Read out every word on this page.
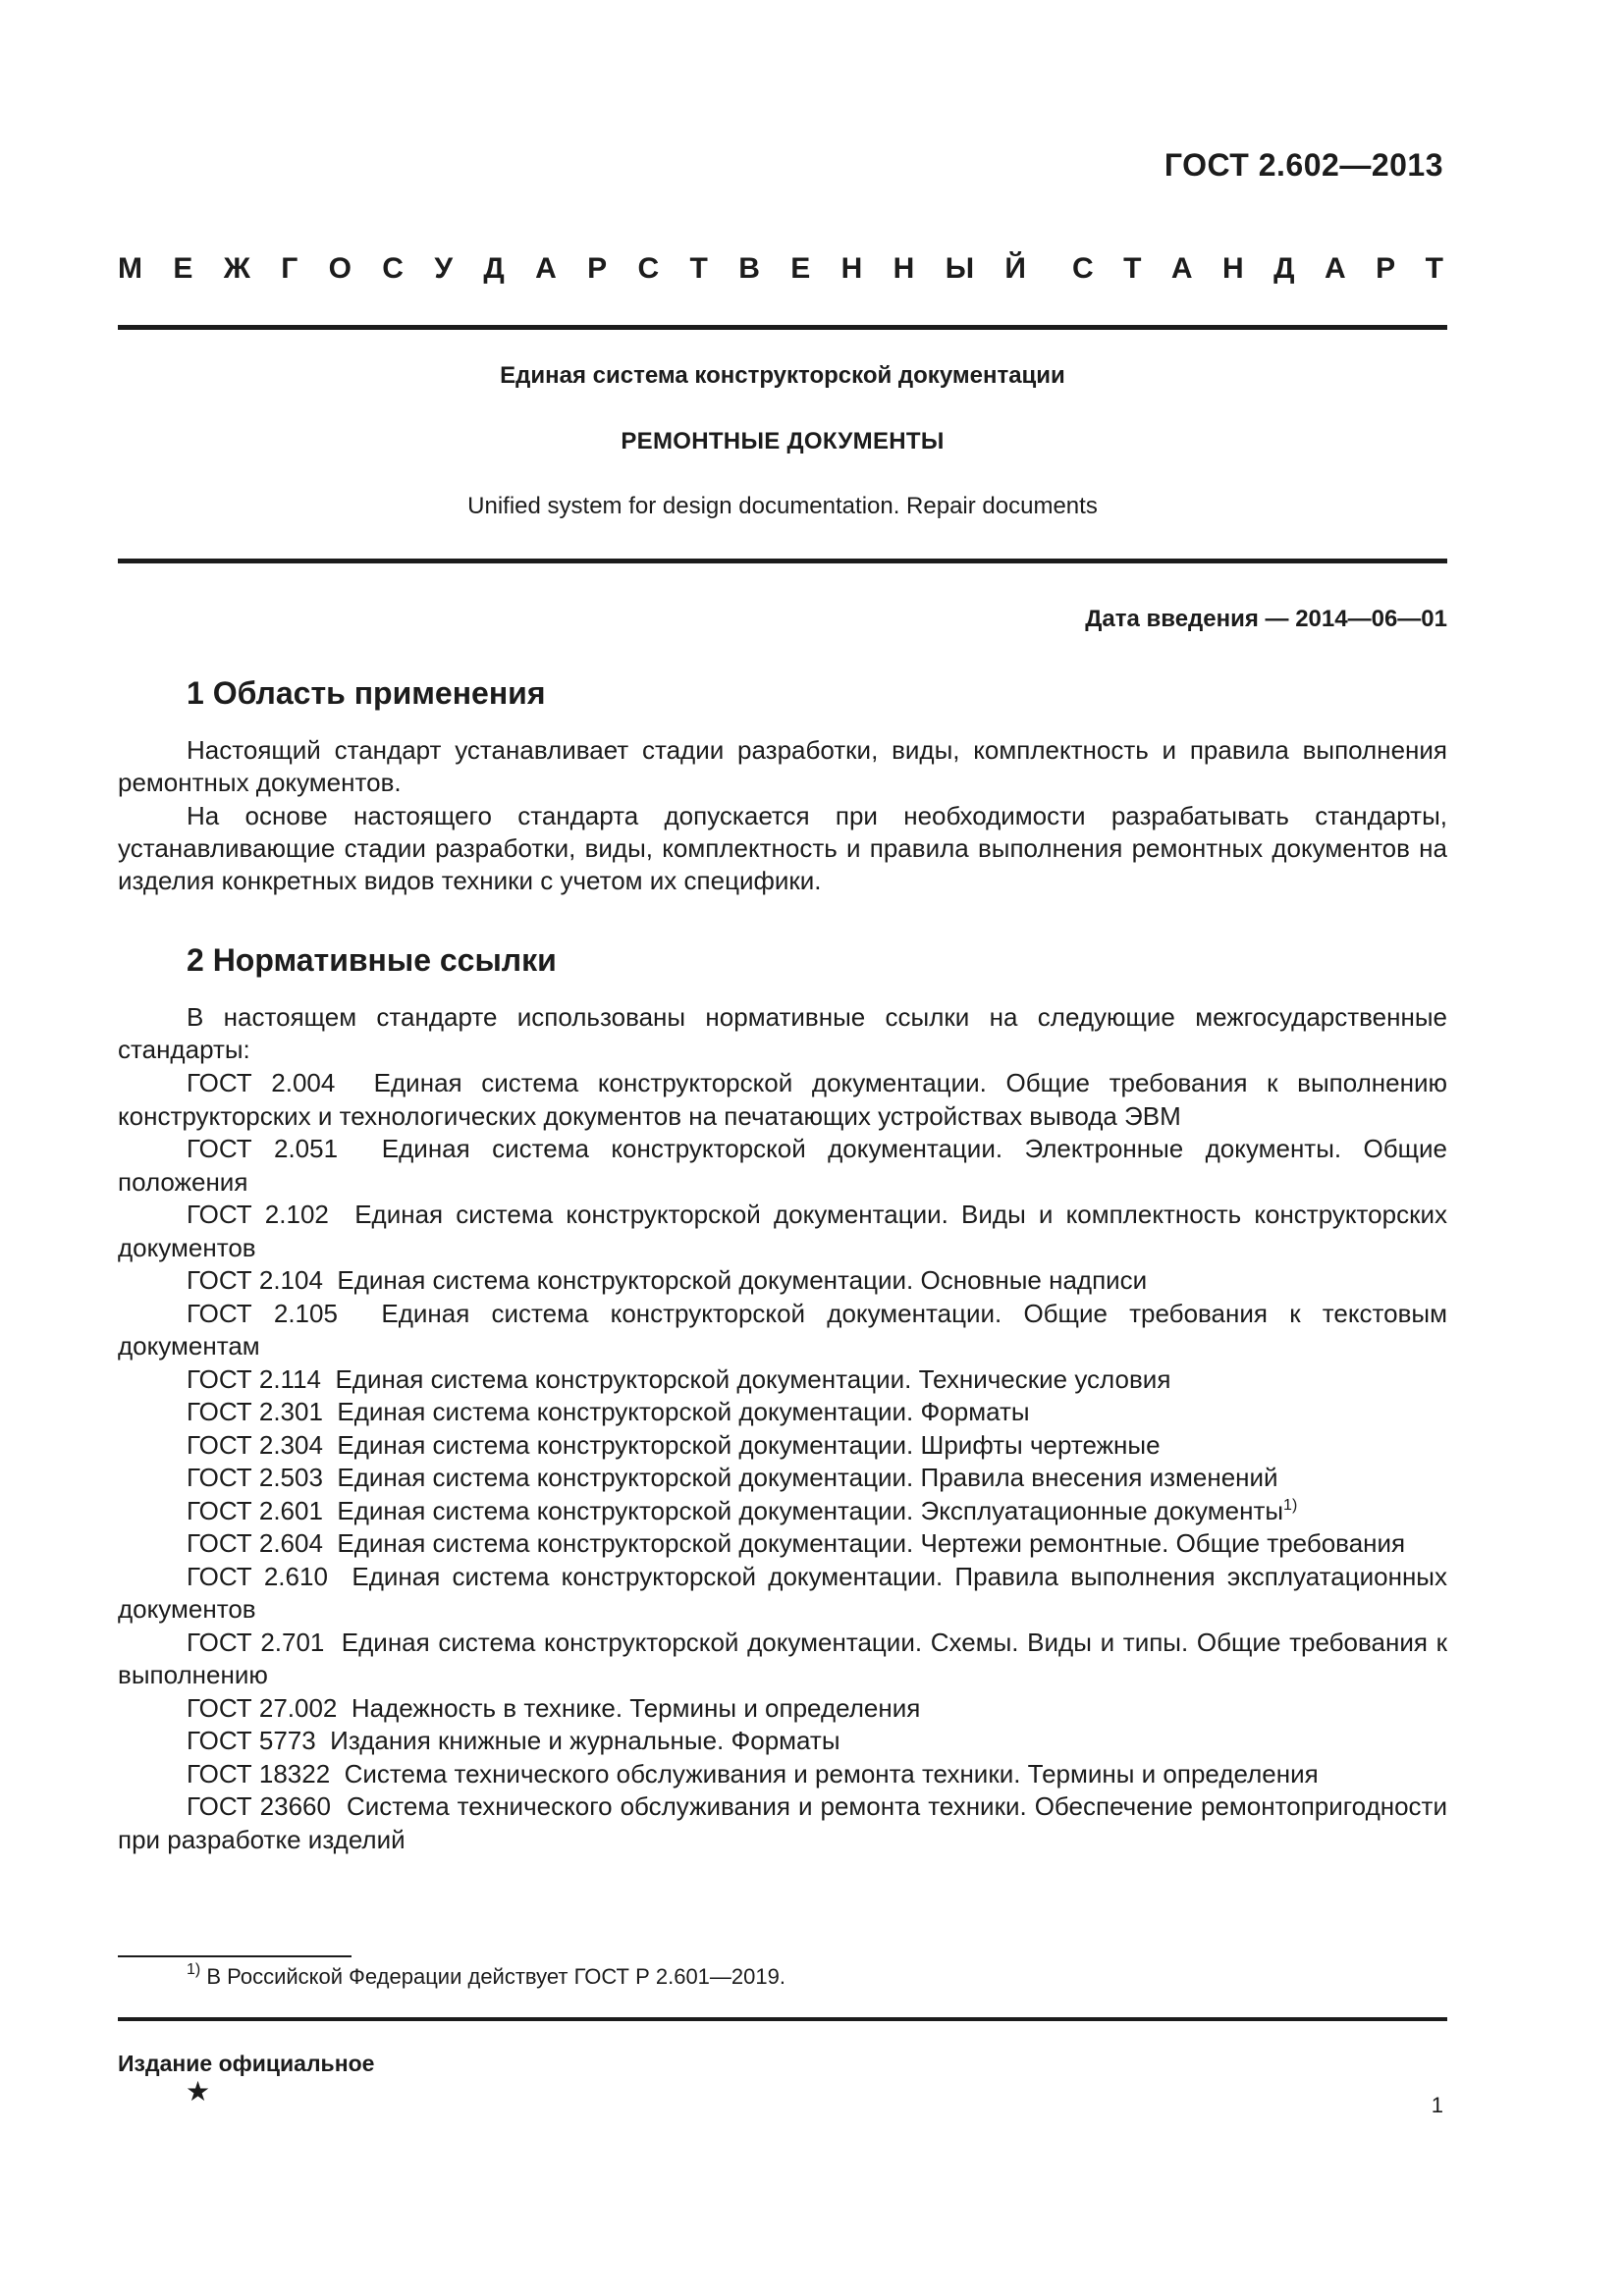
ГОСТ 2.602—2013
М Е Ж Г О С У Д А Р С Т В Е Н Н Ы Й С Т А Н Д А Р Т
Единая система конструкторской документации
РЕМОНТНЫЕ ДОКУМЕНТЫ
Unified system for design documentation. Repair documents
Дата введения — 2014—06—01
1 Область применения
Настоящий стандарт устанавливает стадии разработки, виды, комплектность и правила выполнения ремонтных документов.
На основе настоящего стандарта допускается при необходимости разрабатывать стандарты, устанавливающие стадии разработки, виды, комплектность и правила выполнения ремонтных документов на изделия конкретных видов техники с учетом их специфики.
2 Нормативные ссылки
В настоящем стандарте использованы нормативные ссылки на следующие межгосударственные стандарты:
ГОСТ 2.004 Единая система конструкторской документации. Общие требования к выполнению конструкторских и технологических документов на печатающих устройствах вывода ЭВМ
ГОСТ 2.051 Единая система конструкторской документации. Электронные документы. Общие положения
ГОСТ 2.102 Единая система конструкторской документации. Виды и комплектность конструкторских документов
ГОСТ 2.104 Единая система конструкторской документации. Основные надписи
ГОСТ 2.105 Единая система конструкторской документации. Общие требования к текстовым документам
ГОСТ 2.114 Единая система конструкторской документации. Технические условия
ГОСТ 2.301 Единая система конструкторской документации. Форматы
ГОСТ 2.304 Единая система конструкторской документации. Шрифты чертежные
ГОСТ 2.503 Единая система конструкторской документации. Правила внесения изменений
ГОСТ 2.601 Единая система конструкторской документации. Эксплуатационные документы$^{1)}$
ГОСТ 2.604 Единая система конструкторской документации. Чертежи ремонтные. Общие требования
ГОСТ 2.610 Единая система конструкторской документации. Правила выполнения эксплуатационных документов
ГОСТ 2.701 Единая система конструкторской документации. Схемы. Виды и типы. Общие требования к выполнению
ГОСТ 27.002 Надежность в технике. Термины и определения
ГОСТ 5773 Издания книжные и журнальные. Форматы
ГОСТ 18322 Система технического обслуживания и ремонта техники. Термины и определения
ГОСТ 23660 Система технического обслуживания и ремонта техники. Обеспечение ремонтопригодности при разработке изделий
$^{1)}$ В Российской Федерации действует ГОСТ Р 2.601—2019.
Издание официальное
★	1
